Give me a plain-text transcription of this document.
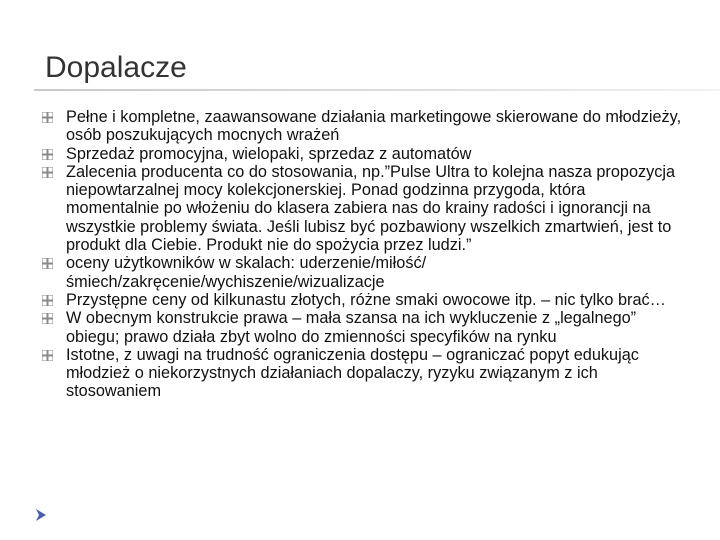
Dopalacze
Pełne i kompletne, zaawansowane działania marketingowe skierowane do młodzieży, osób poszukujących mocnych wrażeń
Sprzedaż promocyjna, wielopaki, sprzedaz z automatów
Zalecenia producenta co do stosowania, np.”Pulse Ultra to kolejna nasza propozycja niepowtarzalnej mocy kolekcjonerskiej. Ponad godzinna przygoda, która momentalnie po włożeniu do klasera zabiera nas do krainy radości i ignorancji na wszystkie problemy świata. Jeśli lubisz być pozbawiony wszelkich zmartwień, jest to produkt dla Ciebie. Produkt nie do spożycia przez ludzi.”
oceny użytkowników w skalach: uderzenie/miłość/śmiech/zakręcenie/wychiszenie/wizualizacje
Przystępne ceny od kilkunastu złotych, różne smaki owocowe itp. – nic tylko brać…
W obecnym konstrukcie prawa – mała szansa na ich wykluczenie z „legalnego” obiegu; prawo działa zbyt wolno do zmienności specyfików na rynku
Istotne, z uwagi na trudność ograniczenia dostępu – ograniczać popyt edukując młodzież o niekorzystnych działaniach dopalaczy, ryzyku związanym z ich stosowaniem
